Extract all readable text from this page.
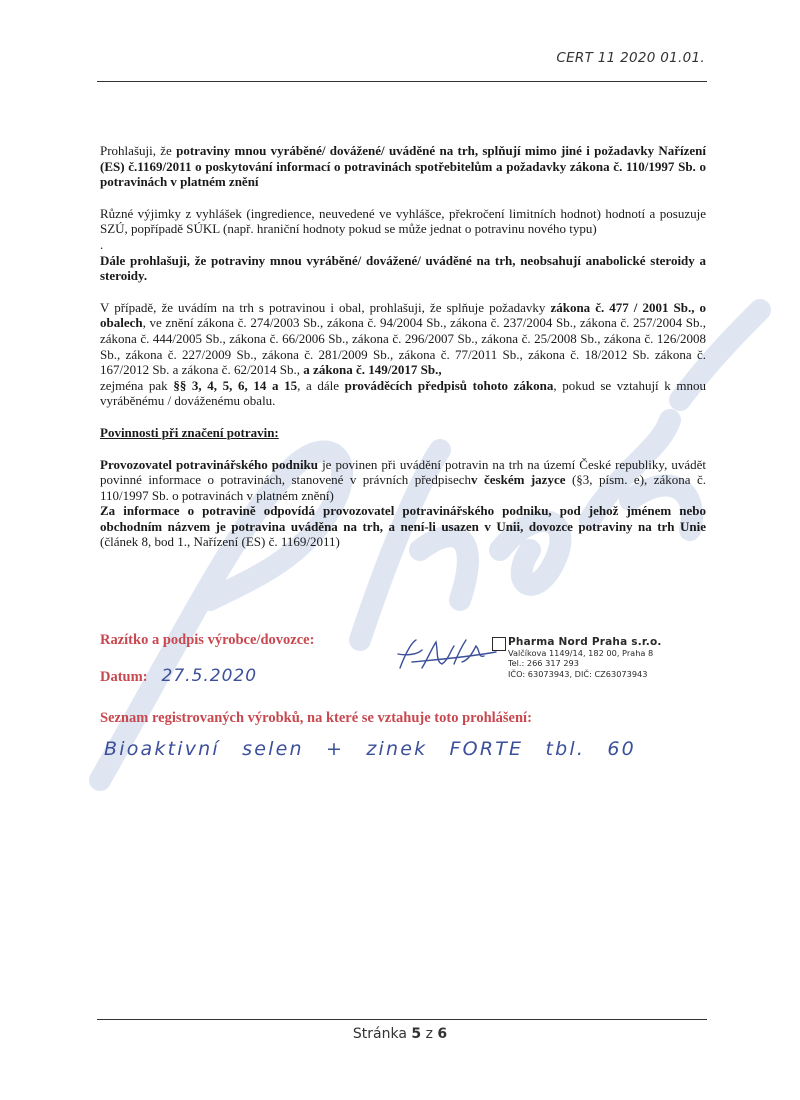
CERT 11 2020 01.01.

Prohlašuji, že potraviny mnou vyráběné/ dovážené/ uváděné na trh, splňují mimo jiné i požadavky Nařízení (ES) č.1169/2011 o poskytování informací o potravinách spotřebitelům a požadavky zákona č. 110/1997 Sb. o potravinách v platném znění

Různé výjimky z vyhlášek (ingredience, neuvedené ve vyhlášce, překročení limitních hodnot) hodnotí a posuzuje SZÚ, popřípadě SÚKL (např. hraniční hodnoty pokud se může jednat o potravinu nového typu)

.

Dále prohlašuji, že potraviny mnou vyráběné/ dovážené/ uváděné na trh, neobsahují anabolické steroidy a steroidy.

V případě, že uvádím na trh s potravinou i obal, prohlašuji, že splňuje požadavky zákona č. 477 / 2001 Sb., o obalech, ve znění zákona č. 274/2003 Sb., zákona č. 94/2004 Sb., zákona č. 237/2004 Sb., zákona č. 257/2004 Sb., zákona č. 444/2005 Sb., zákona č. 66/2006 Sb., zákona č. 296/2007 Sb., zákona č. 25/2008 Sb., zákona č. 126/2008 Sb., zákona č. 227/2009 Sb., zákona č. 281/2009 Sb., zákona č. 77/2011 Sb., zákona č. 18/2012 Sb. zákona č. 167/2012 Sb. a zákona č. 62/2014 Sb., a zákona č. 149/2017 Sb.,
zejména pak §§ 3, 4, 5, 6, 14 a 15, a dále prováděcích předpisů tohoto zákona, pokud se vztahují k mnou vyráběnému / dováženému obalu.

Povinnosti při značení potravin:

Provozovatel potravinářského podniku je povinen při uvádění potravin na trh na území České republiky, uvádět povinné informace o potravinách, stanovené v právních předpisechv českém jazyce (§3, písm. e), zákona č. 110/1997 Sb. o potravinách v platném znění)

Za informace o potravině odpovídá provozovatel potravinářského podniku, pod jehož jménem nebo obchodním názvem je potravina uváděna na trh, a není-li usazen v Unii, dovozce potraviny na trh Unie (článek 8, bod 1., Nařízení (ES) č. 1169/2011)

Razítko a podpis výrobce/dovozce:
Datum: 27.5.2020
Pharma Nord Praha s.r.o.
Valčíkova 1149/14, 182 00, Praha 8
Tel.: 266 317 293
IČO: 63073943, DIČ: CZ63073943
Seznam registrovaných výrobků, na které se vztahuje toto prohlášení:
Bioaktivní selen + zinek FORTE tbl. 60
Stránka 5 z 6
